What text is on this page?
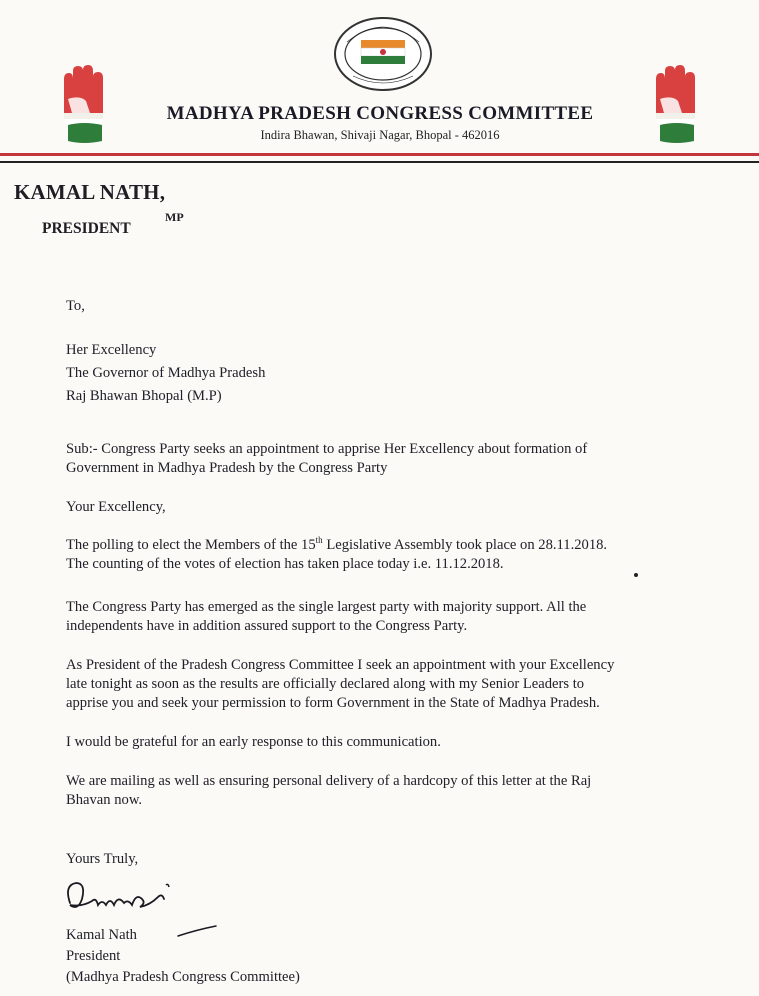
MADHYA PRADESH CONGRESS COMMITTEE
Indira Bhawan, Shivaji Nagar, Bhopal - 462016
KAMAL NATH,
MP
PRESIDENT
To,
Her Excellency
The Governor of Madhya Pradesh
Raj Bhawan Bhopal (M.P)
Sub:- Congress Party seeks an appointment to apprise Her Excellency about formation of
Government in Madhya Pradesh by the Congress Party
Your Excellency,
The polling to elect the Members of the 15th Legislative Assembly took place on 28.11.2018.
The counting of the votes of election has taken place today i.e. 11.12.2018.
The Congress Party has emerged as the single largest party with majority support. All the
independents have in addition assured support to the Congress Party.
As President of the Pradesh Congress Committee I seek an appointment with your Excellency
late tonight as soon as the results are officially declared along with my Senior Leaders to
apprise you and seek your permission to form Government in the State of Madhya Pradesh.
I would be grateful for an early response to this communication.
We are mailing as well as ensuring personal delivery of a hardcopy of this letter at the Raj
Bhavan now.
Yours Truly,
Kamal Nath
President
(Madhya Pradesh Congress Committee)
